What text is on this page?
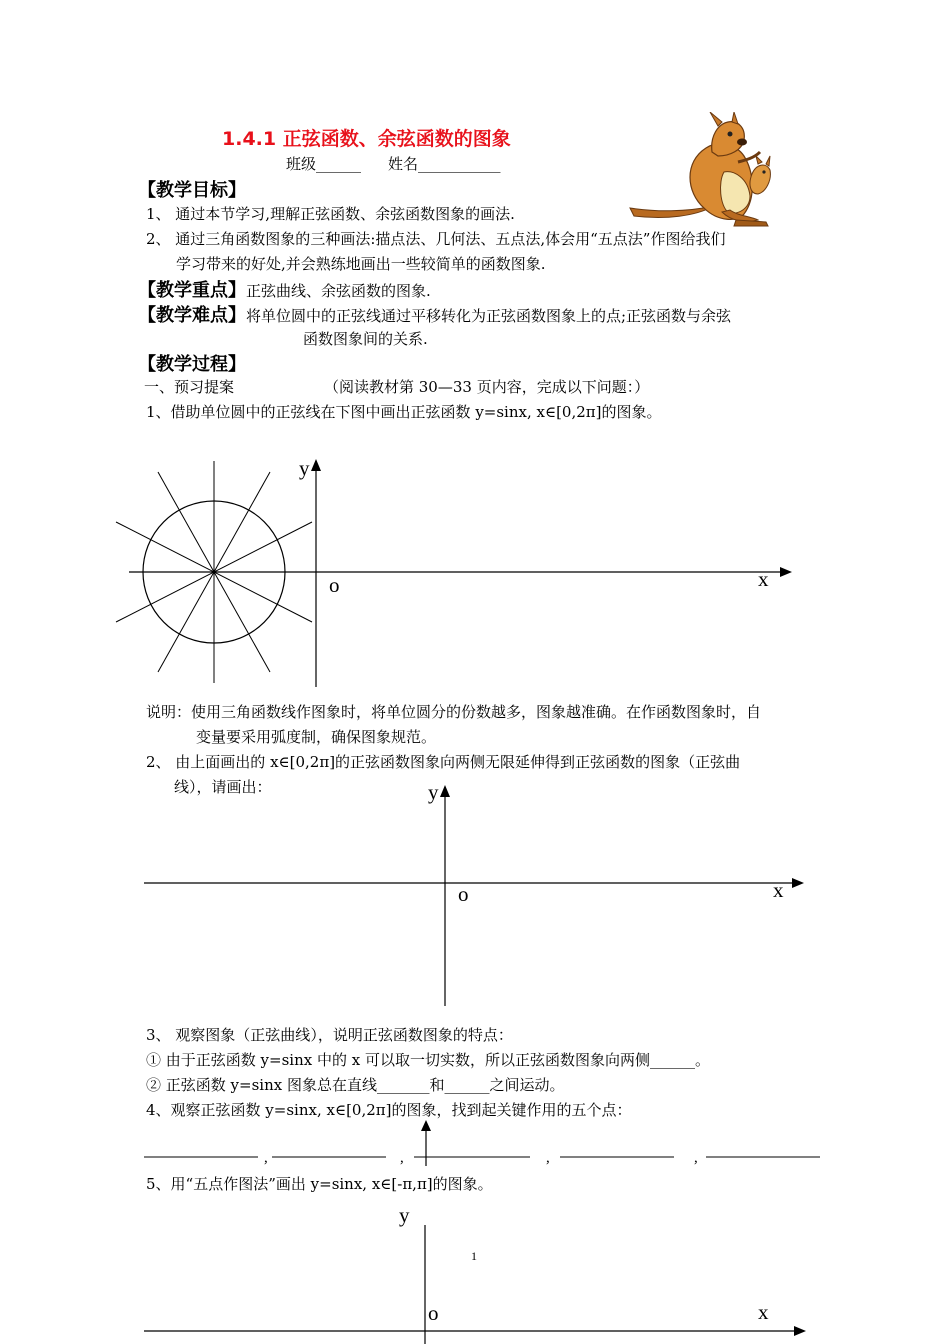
1.4.1 正弦函数、余弦函数的图象
班级______ 姓名___________
【教学目标】
1、 通过本节学习,理解正弦函数、余弦函数图象的画法.
2、 通过三角函数图象的三种画法:描点法、几何法、五点法,体会用“五点法”作图给我们
学习带来的好处,并会熟练地画出一些较简单的函数图象.
【教学重点】正弦曲线、余弦函数的图象.
【教学难点】将单位圆中的正弦线通过平移转化为正弦函数图象上的点;正弦函数与余弦
函数图象间的关系.
【教学过程】
一、预习提案	（阅读教材第 30—33 页内容，完成以下问题：）
1、借助单位圆中的正弦线在下图中画出正弦函数 y=sinx, x∈[0,2π]的图象。
y
o	x
说明：使用三角函数线作图象时，将单位圆分的份数越多，图象越准确。在作函数图象时，自
变量要采用弧度制，确保图象规范。
2、 由上面画出的 x∈[0,2π]的正弦函数图象向两侧无限延伸得到正弦函数的图象（正弦曲
线），请画出：	y
o	x
3、 观察图象（正弦曲线），说明正弦函数图象的特点：
① 由于正弦函数 y=sinx 中的 x 可以取一切实数，所以正弦函数图象向两侧______。
② 正弦函数 y=sinx 图象总在直线_______和______之间运动。
4、观察正弦函数 y=sinx, x∈[0,2π]的图象，找到起关键作用的五个点：
,	,	,	,
5、用“五点作图法”画出 y=sinx, x∈[-π,π]的图象。
y
1
o	x
